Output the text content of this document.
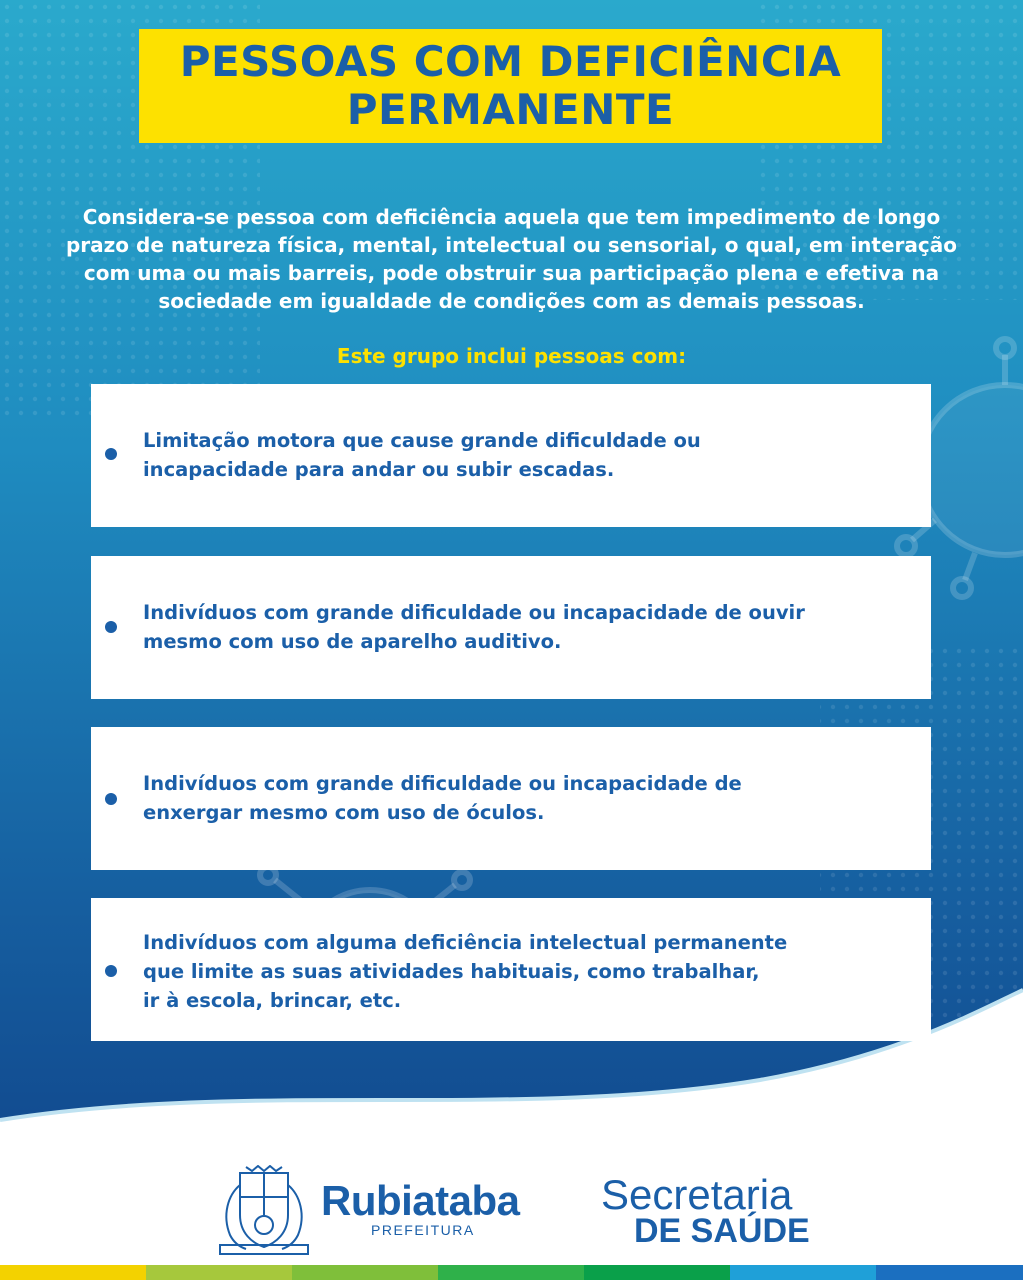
PESSOAS COM DEFICIÊNCIA
PERMANENTE
Considera-se pessoa com deficiência aquela que tem impedimento de longo
prazo de natureza física, mental, intelectual ou sensorial, o qual, em interação
com uma ou mais barreis, pode obstruir sua participação plena e efetiva na
sociedade em igualdade de condições com as demais pessoas.
Este grupo inclui pessoas com:
Limitação motora que cause grande dificuldade ou
incapacidade para andar ou subir escadas.
Indivíduos com grande dificuldade ou incapacidade de ouvir
mesmo com uso de aparelho auditivo.
Indivíduos com grande dificuldade ou incapacidade de
enxergar mesmo com uso de óculos.
Indivíduos com alguma deficiência intelectual permanente
que limite as suas atividades habituais, como trabalhar,
ir à escola, brincar, etc.
Rubiataba
PREFEITURA
Secretaria
DE SAÚDE
